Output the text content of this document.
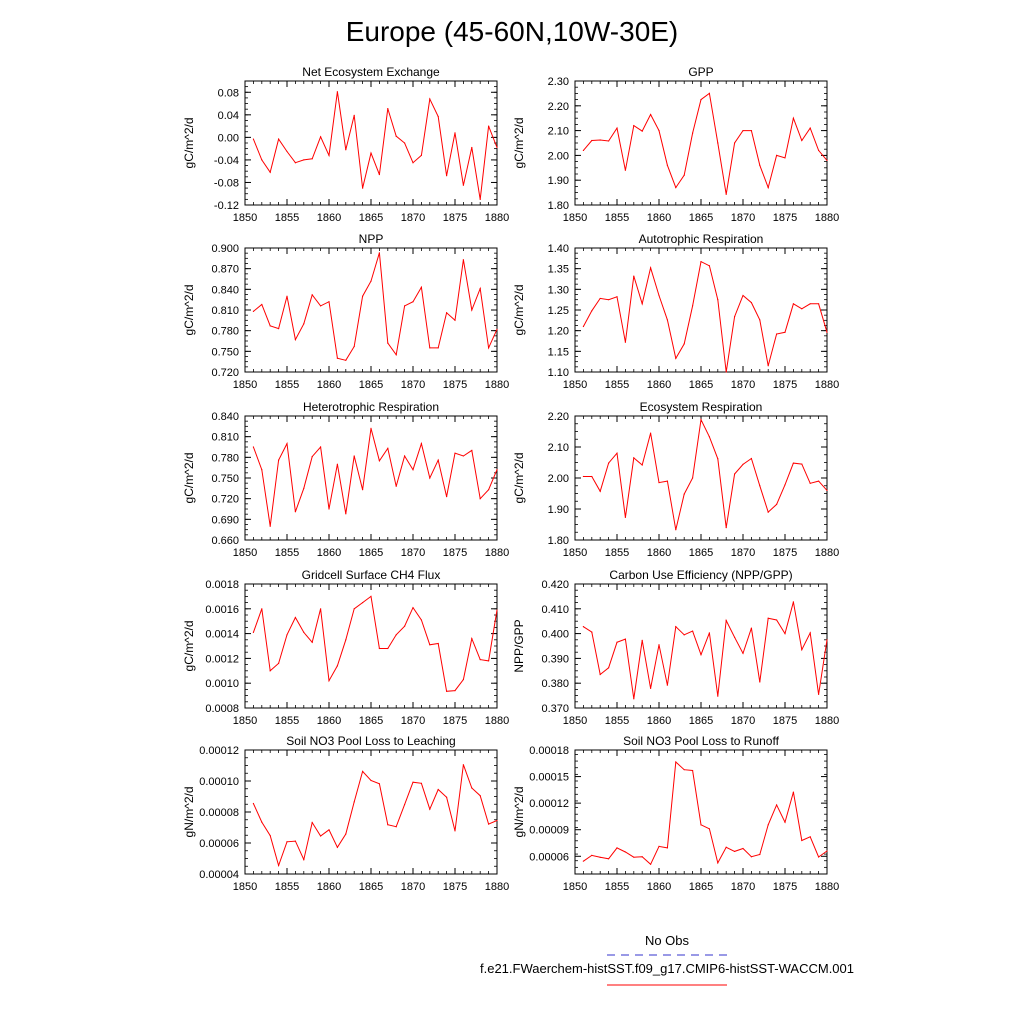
Europe (45-60N,10W-30E)
Net Ecosystem Exchange
gC/m^2/d
1850 1855 1860 1865 1870 1875 1880
-0.12
-0.08
-0.04
0.00
0.04
0.08
GPP
gC/m^2/d
1850 1855 1860 1865 1870 1875 1880
1.80
1.90
2.00
2.10
2.20
2.30
NPP
gC/m^2/d
1850 1855 1860 1865 1870 1875 1880
0.720
0.750
0.780
0.810
0.840
0.870
0.900
Autotrophic Respiration
gC/m^2/d
1850 1855 1860 1865 1870 1875 1880
1.10
1.15
1.20
1.25
1.30
1.35
1.40
Heterotrophic Respiration
gC/m^2/d
1850 1855 1860 1865 1870 1875 1880
0.660
0.690
0.720
0.750
0.780
0.810
0.840
Ecosystem Respiration
gC/m^2/d
1850 1855 1860 1865 1870 1875 1880
1.80
1.90
2.00
2.10
2.20
Gridcell Surface CH4 Flux
gC/m^2/d
1850 1855 1860 1865 1870 1875 1880
0.0008
0.0010
0.0012
0.0014
0.0016
0.0018
Carbon Use Efficiency (NPP/GPP)
NPP/GPP
1850 1855 1860 1865 1870 1875 1880
0.370
0.380
0.390
0.400
0.410
0.420
Soil NO3 Pool Loss to Leaching
gN/m^2/d
1850 1855 1860 1865 1870 1875 1880
0.00004
0.00006
0.00008
0.00010
0.00012
Soil NO3 Pool Loss to Runoff
gN/m^2/d
1850 1855 1860 1865 1870 1875 1880
0.00006
0.00009
0.00012
0.00015
0.00018
No Obs
f.e21.FWaerchem-histSST.f09_g17.CMIP6-histSST-WACCM.001
